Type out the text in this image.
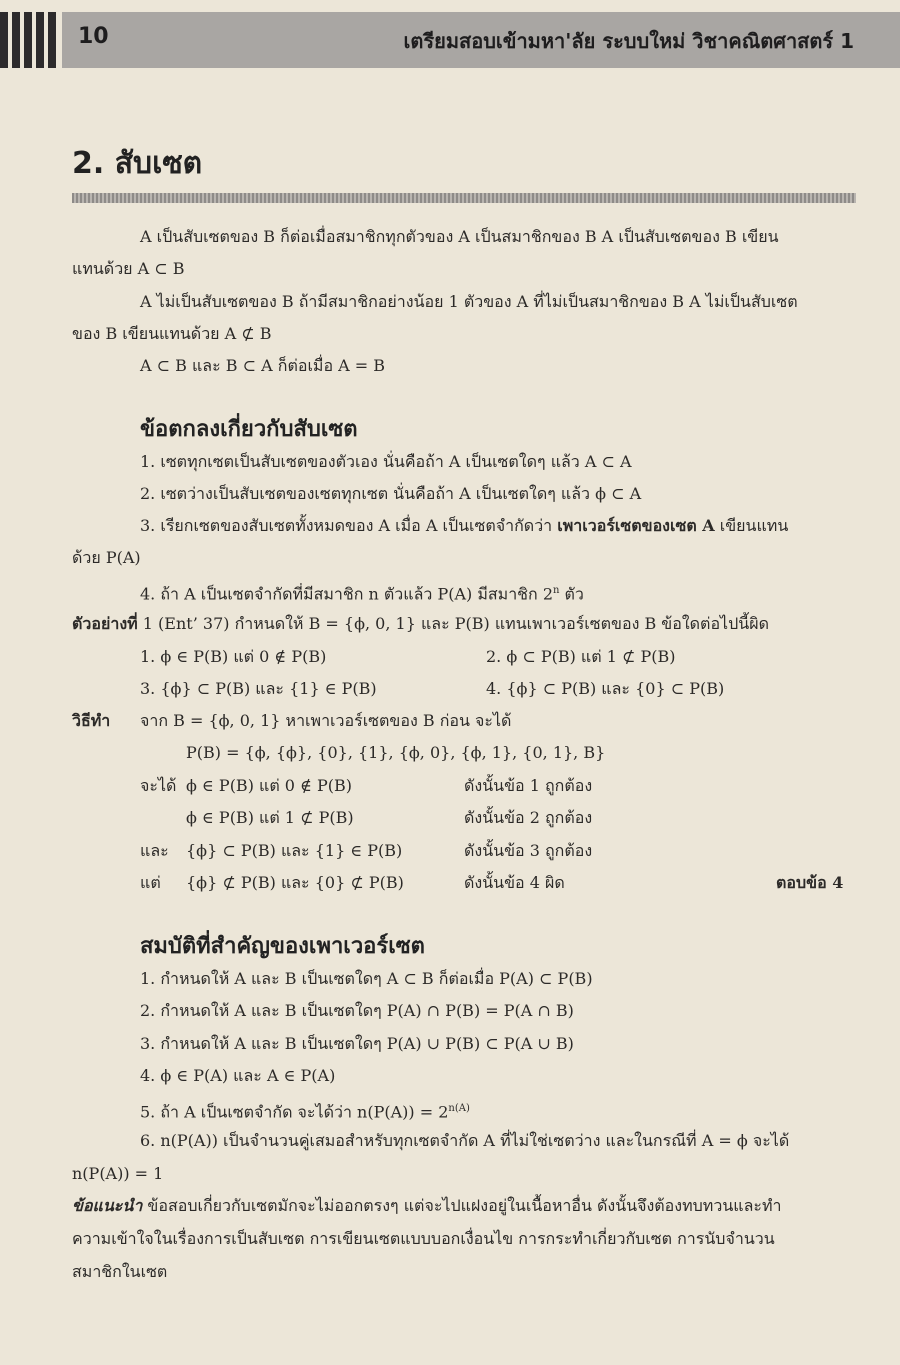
10	เตรียมสอบเข้ามหา'ลัย ระบบใหม่ วิชาคณิตศาสตร์ 1
2. สับเซต
A เป็นสับเซตของ B ก็ต่อเมื่อสมาชิกทุกตัวของ A เป็นสมาชิกของ B A เป็นสับเซตของ B เขียน
แทนด้วย A ⊂ B
A ไม่เป็นสับเซตของ B ถ้ามีสมาชิกอย่างน้อย 1 ตัวของ A ที่ไม่เป็นสมาชิกของ B A ไม่เป็นสับเซต
ของ B เขียนแทนด้วย A ⊄ B
A ⊂ B และ B ⊂ A ก็ต่อเมื่อ A = B
ข้อตกลงเกี่ยวกับสับเซต
1. เซตทุกเซตเป็นสับเซตของตัวเอง นั่นคือถ้า A เป็นเซตใดๆ แล้ว A ⊂ A
2. เซตว่างเป็นสับเซตของเซตทุกเซต นั่นคือถ้า A เป็นเซตใดๆ แล้ว ϕ ⊂ A
3. เรียกเซตของสับเซตทั้งหมดของ A เมื่อ A เป็นเซตจำกัดว่า เพาเวอร์เซตของเซต A เขียนแทน
ด้วย P(A)
4. ถ้า A เป็นเซตจำกัดที่มีสมาชิก n ตัวแล้ว P(A) มีสมาชิก 2$^n$ ตัว
ตัวอย่างที่ 1 (Ent’ 37) กำหนดให้ B = {ϕ, 0, 1} และ P(B) แทนเพาเวอร์เซตของ B ข้อใดต่อไปนี้ผิด
1. ϕ ∈ P(B) แต่ 0 ∉ P(B)	2. ϕ ⊂ P(B) แต่ 1 ⊄ P(B)
3. {ϕ} ⊂ P(B) และ {1} ∈ P(B)	4. {ϕ} ⊂ P(B) และ {0} ⊂ P(B)
วิธีทำ จาก B = {ϕ, 0, 1} หาเพาเวอร์เซตของ B ก่อน จะได้
P(B) = {ϕ, {ϕ}, {0}, {1}, {ϕ, 0}, {ϕ, 1}, {0, 1}, B}
จะได้ ϕ ∈ P(B) แต่ 0 ∉ P(B)	ดังนั้นข้อ 1 ถูกต้อง
ϕ ∈ P(B) แต่ 1 ⊄ P(B)	ดังนั้นข้อ 2 ถูกต้อง
และ {ϕ} ⊂ P(B) และ {1} ∈ P(B)	ดังนั้นข้อ 3 ถูกต้อง
แต่ {ϕ} ⊄ P(B) และ {0} ⊄ P(B)	ดังนั้นข้อ 4 ผิด	ตอบข้อ 4
สมบัติที่สำคัญของเพาเวอร์เซต
1. กำหนดให้ A และ B เป็นเซตใดๆ A ⊂ B ก็ต่อเมื่อ P(A) ⊂ P(B)
2. กำหนดให้ A และ B เป็นเซตใดๆ P(A) ∩ P(B) = P(A ∩ B)
3. กำหนดให้ A และ B เป็นเซตใดๆ P(A) ∪ P(B) ⊂ P(A ∪ B)
4. ϕ ∈ P(A) และ A ∈ P(A)
5. ถ้า A เป็นเซตจำกัด จะได้ว่า $n(P(A)) = 2^{n(A)}$
6. n(P(A)) เป็นจำนวนคู่เสมอสำหรับทุกเซตจำกัด A ที่ไม่ใช่เซตว่าง และในกรณีที่ A = ϕ จะได้
n(P(A)) = 1
ข้อแนะนำ ข้อสอบเกี่ยวกับเซตมักจะไม่ออกตรงๆ แต่จะไปแฝงอยู่ในเนื้อหาอื่น ดังนั้นจึงต้องทบทวนและทำ
ความเข้าใจในเรื่องการเป็นสับเซต การเขียนเซตแบบบอกเงื่อนไข การกระทำเกี่ยวกับเซต การนับจำนวน
สมาชิกในเซต
